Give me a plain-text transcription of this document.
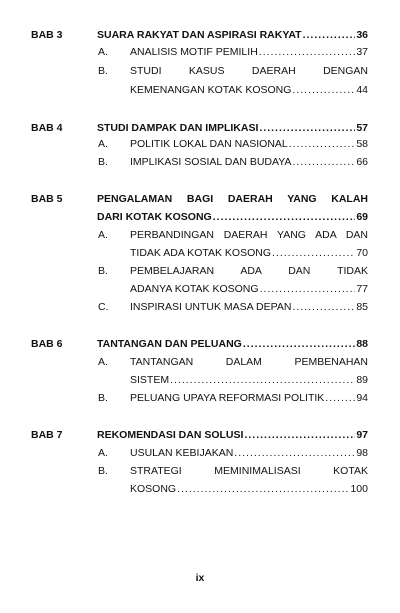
BAB 3	SUARA RAKYAT DAN ASPIRASI RAKYAT .....	36
A. ANALISIS MOTIF PEMILIH .....	37
B. STUDI KASUS DAERAH DENGAN
KEMENANGAN KOTAK KOSONG .....	44
BAB 4	STUDI DAMPAK DAN IMPLIKASI .....	57
A. POLITIK LOKAL DAN NASIONAL .....	58
B. IMPLIKASI SOSIAL DAN BUDAYA .....	66
BAB 5	PENGALAMAN BAGI DAERAH YANG KALAH
DARI KOTAK KOSONG .....	69
A. PERBANDINGAN DAERAH YANG ADA DAN
TIDAK ADA KOTAK KOSONG .....	70
B. PEMBELAJARAN ADA DAN TIDAK
ADANYA KOTAK KOSONG .....	77
C. INSPIRASI UNTUK MASA DEPAN .....	85
BAB 6	TANTANGAN DAN PELUANG .....	88
A. TANTANGAN DALAM PEMBENAHAN
SISTEM .....	89
B. PELUANG UPAYA REFORMASI POLITIK .....	94
BAB 7	REKOMENDASI DAN SOLUSI .....	97
A. USULAN KEBIJAKAN .....	98
B. STRATEGI MEMINIMALISASI KOTAK
KOSONG .....	100
ix
